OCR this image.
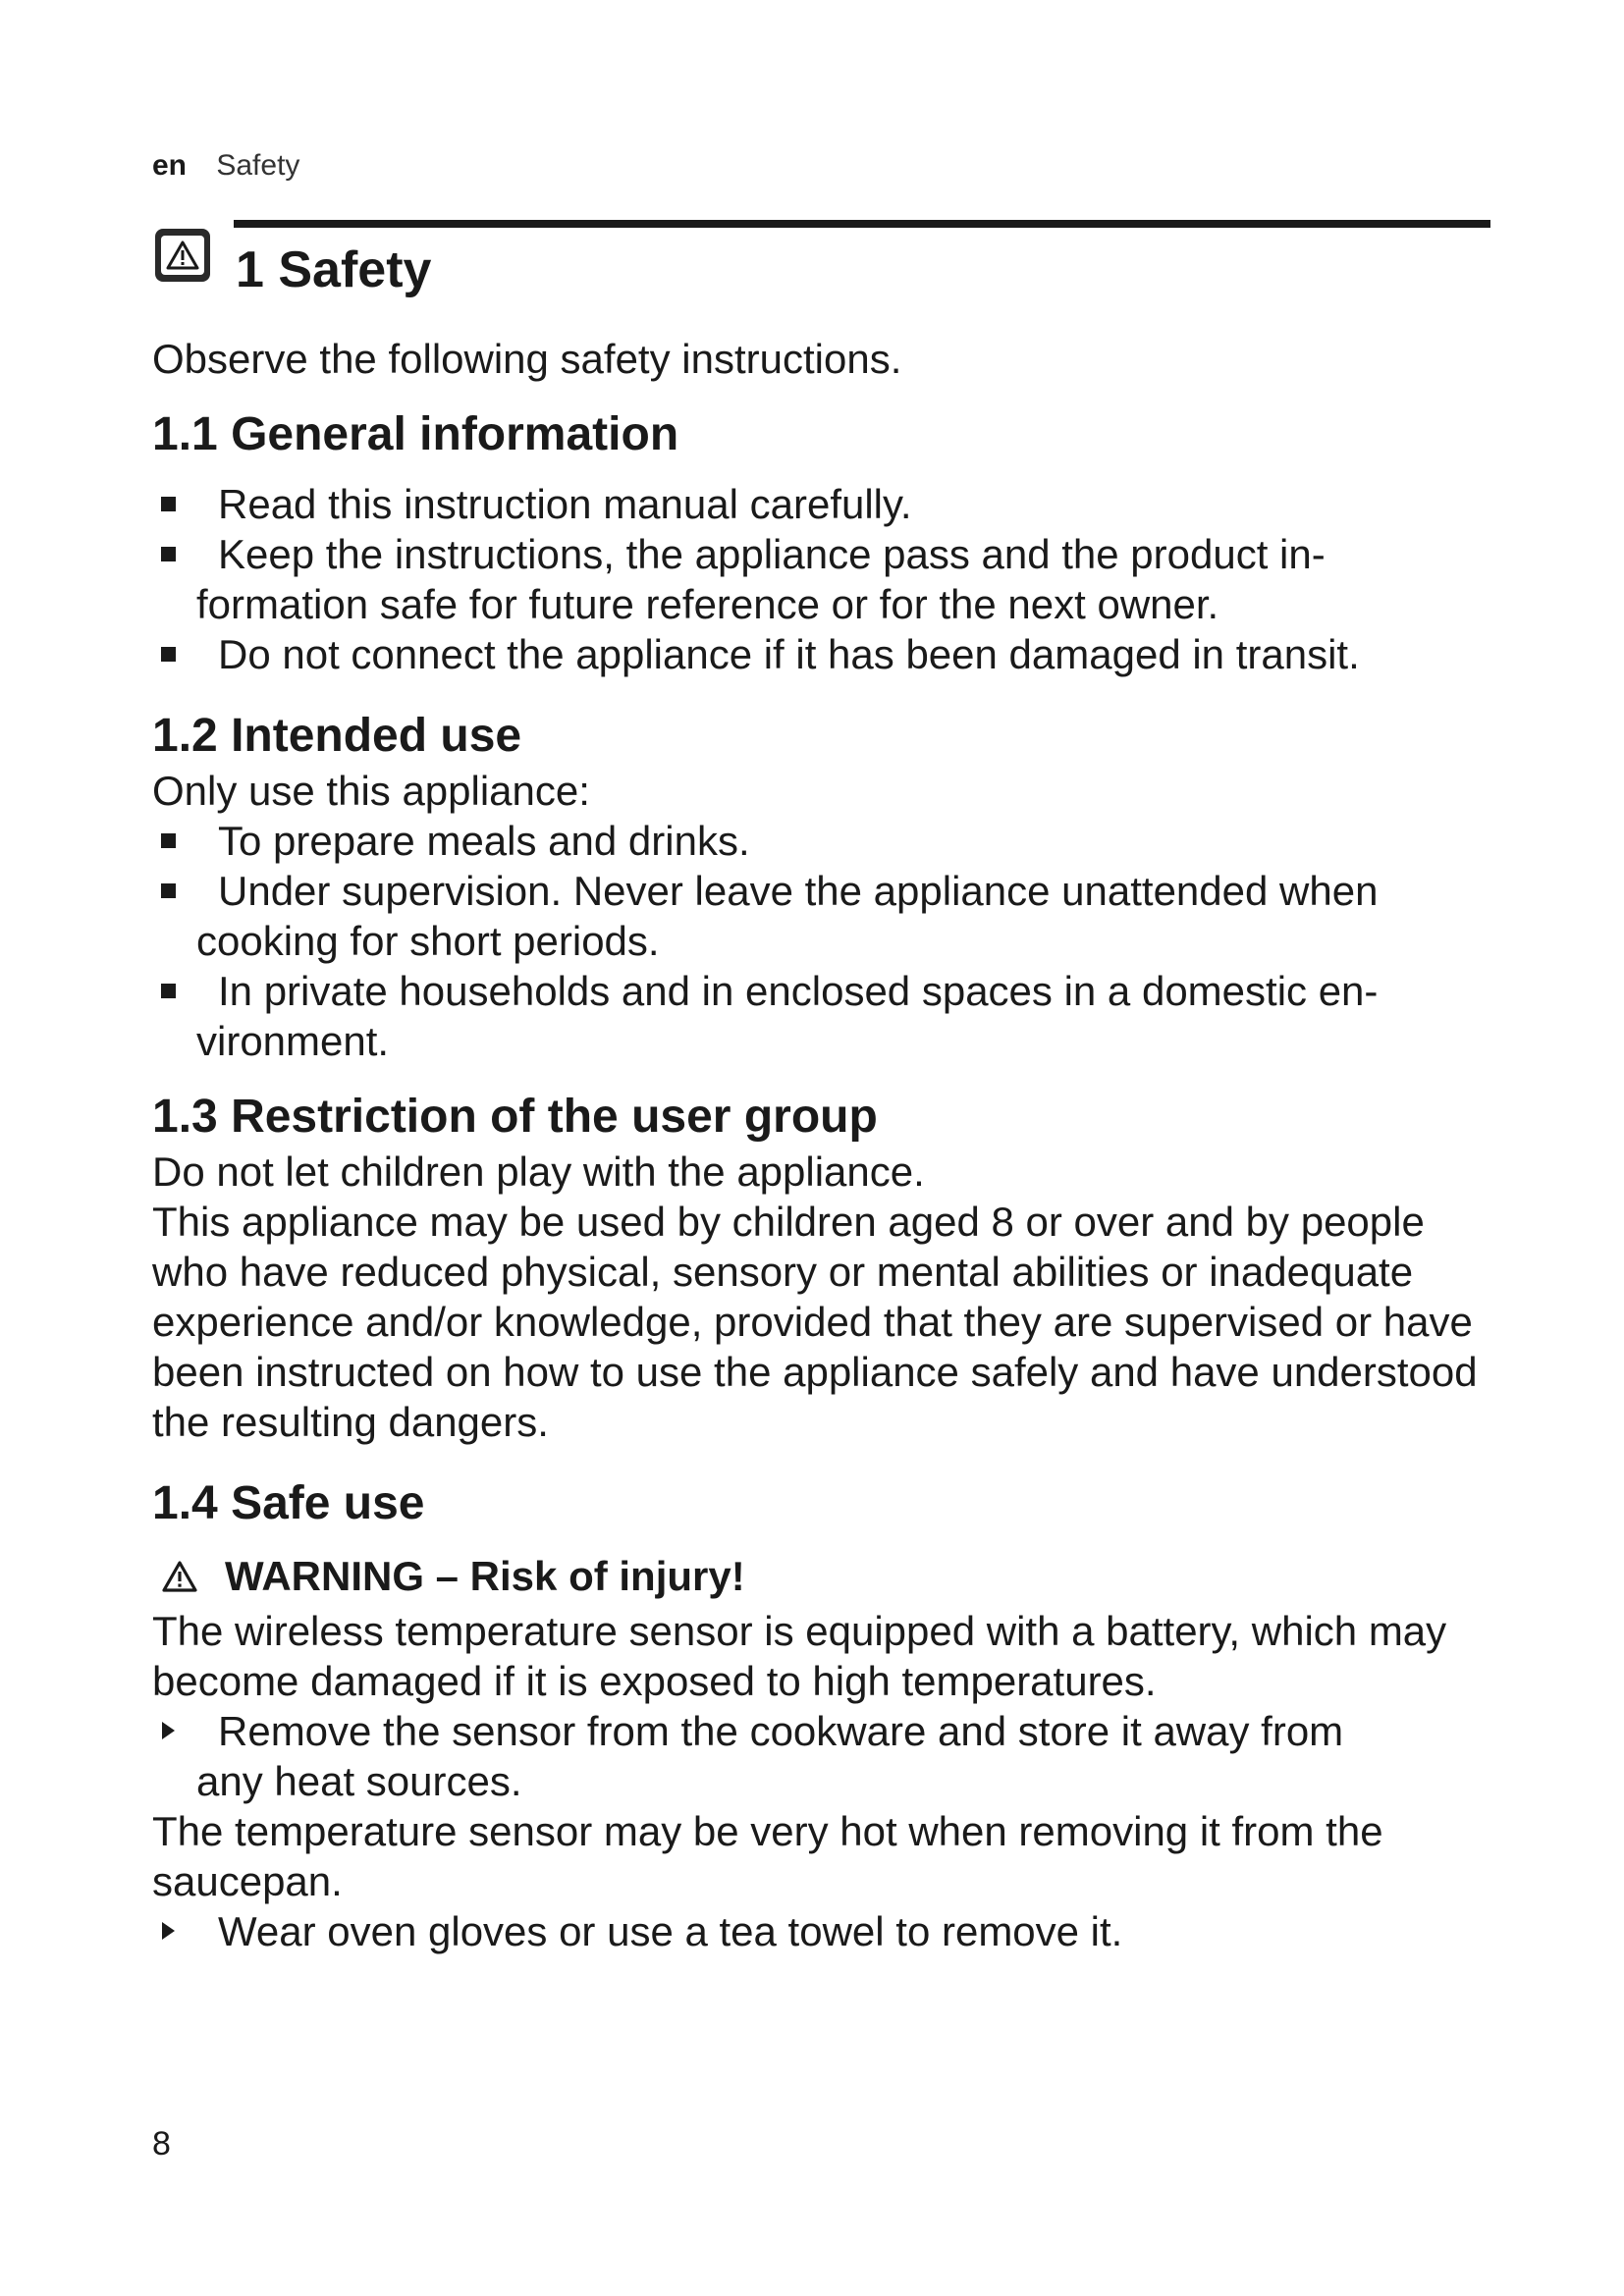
en Safety
1 Safety

Observe the following safety instructions.

1.1 General information
Read this instruction manual carefully.
Keep the instructions, the appliance pass and the product in-
formation safe for future reference or for the next owner.
Do not connect the appliance if it has been damaged in transit.
1.2 Intended use

Only use this appliance:

To prepare meals and drinks.
Under supervision. Never leave the appliance unattended when
cooking for short periods.
In private households and in enclosed spaces in a domestic en-
vironment.
1.3 Restriction of the user group

Do not let children play with the appliance.

This appliance may be used by children aged 8 or over and by people who have reduced physical, sensory or mental abilities or inadequate experience and/or knowledge, provided that they are supervised or have been instructed on how to use the appliance safely and have understood the resulting dangers.

1.4 Safe use
WARNING – Risk of injury!

The wireless temperature sensor is equipped with a battery, which may become damaged if it is exposed to high temperatures.

Remove the sensor from the cookware and store it away from
any heat sources.

The temperature sensor may be very hot when removing it from the saucepan.

Wear oven gloves or use a tea towel to remove it.
8
